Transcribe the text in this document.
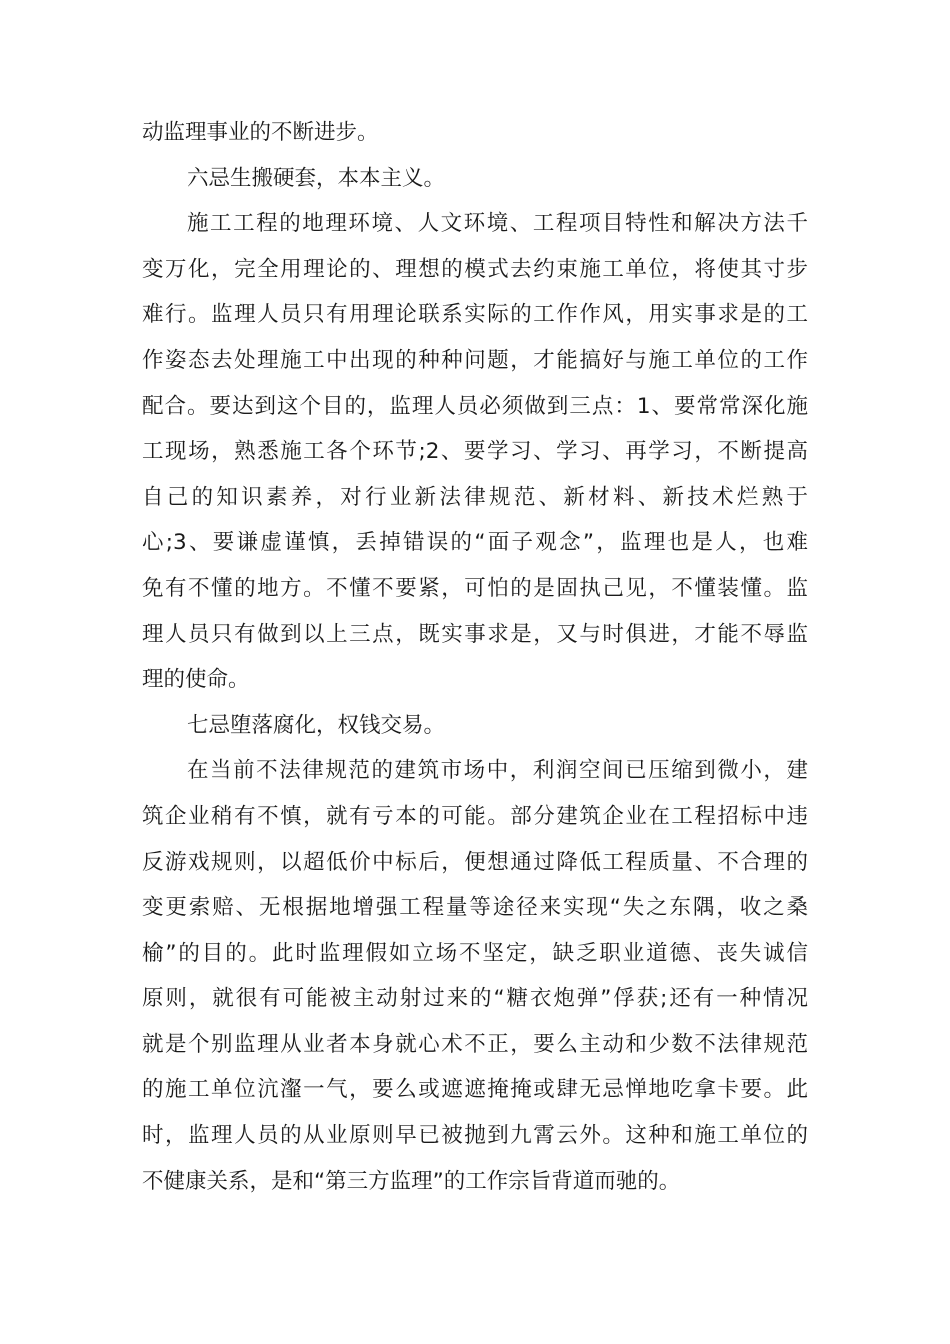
动监理事业的不断进步。
六忌生搬硬套，本本主义。
施工工程的地理环境、人文环境、工程项目特性和解决方法千
变万化，完全用理论的、理想的模式去约束施工单位，将使其寸步
难行。监理人员只有用理论联系实际的工作作风，用实事求是的工
作姿态去处理施工中出现的种种问题，才能搞好与施工单位的工作
配合。要达到这个目的，监理人员必须做到三点：1、要常常深化施
工现场，熟悉施工各个环节;2、要学习、学习、再学习，不断提高
自己的知识素养，对行业新法律规范、新材料、新技术烂熟于
心;3、要谦虚谨慎，丢掉错误的“面子观念”，监理也是人，也难
免有不懂的地方。不懂不要紧，可怕的是固执己见，不懂装懂。监
理人员只有做到以上三点，既实事求是，又与时俱进，才能不辱监
理的使命。
七忌堕落腐化，权钱交易。
在当前不法律规范的建筑市场中，利润空间已压缩到微小，建
筑企业稍有不慎，就有亏本的可能。部分建筑企业在工程招标中违
反游戏规则，以超低价中标后，便想通过降低工程质量、不合理的
变更索赔、无根据地增强工程量等途径来实现“失之东隅，收之桑
榆”的目的。此时监理假如立场不坚定，缺乏职业道德、丧失诚信
原则，就很有可能被主动射过来的“糖衣炮弹”俘获;还有一种情况
就是个别监理从业者本身就心术不正，要么主动和少数不法律规范
的施工单位沆瀣一气，要么或遮遮掩掩或肆无忌惮地吃拿卡要。此
时，监理人员的从业原则早已被抛到九霄云外。这种和施工单位的
不健康关系，是和“第三方监理”的工作宗旨背道而驰的。
